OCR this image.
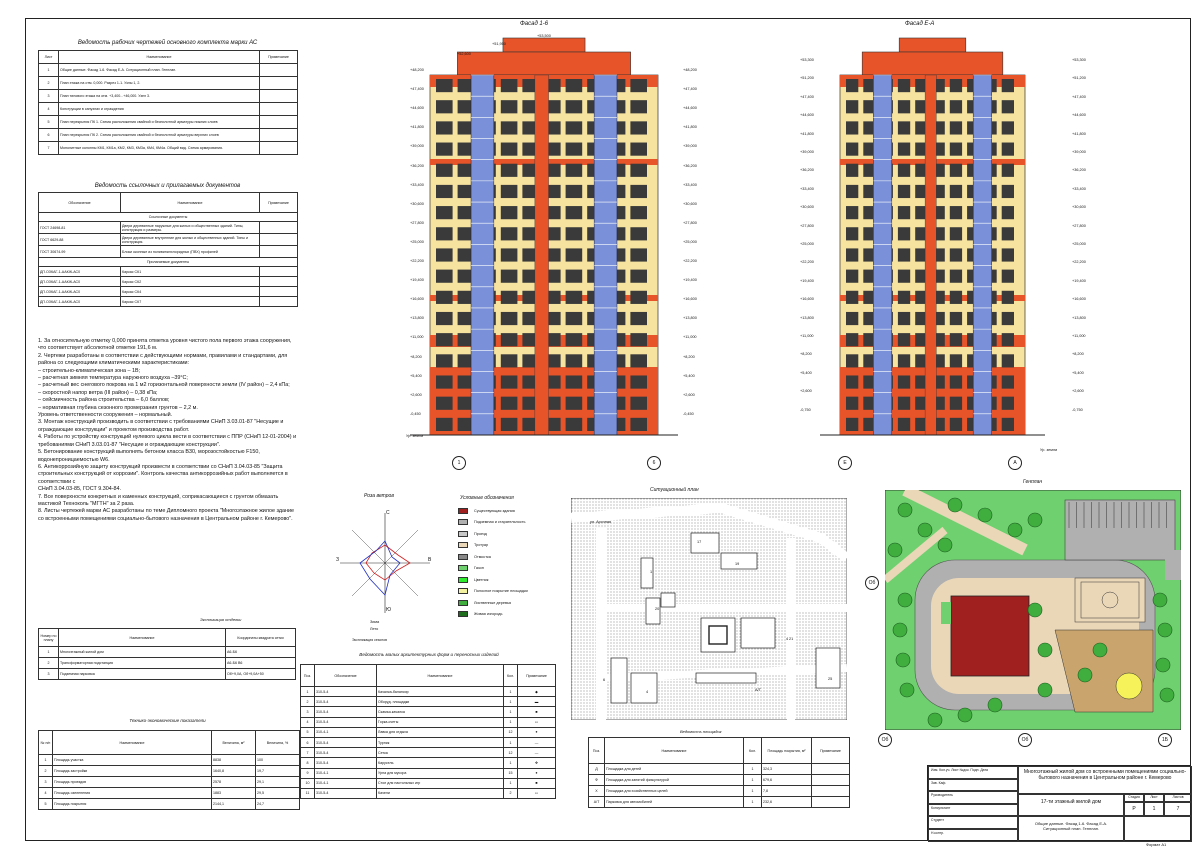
Ведомость рабочих чертежей основного комплекта марки АС
Лист	Наименование	Примечание
1	Общие данные. Фасад 1-6. Фасад Е-А. Ситуационный план. Генплан.	
2	План этажа на отм. 0,000. Разрез 1-1. Узлы 1, 2.	
3	План типового этажа на отм. +3,400...+46,000. Узел 3.	
4	Конструкции в санузлах и ограждения	
5	План перекрытия ПК 1. Схема расположения свайной и беспилотной арматуры нижних слоев	
6	План перекрытия ПК 2. Схема расположения свайной и беспилотной арматуры верхних слоев	
7	Монолитные колонны КМ1, КМ1а, КМ2, КМ3, КМ3а, КМ4, КМ4а. Общий вид. Схема армирования.	
Ведомость ссылочных и прилагаемых документов
Обозначение	Наименование	Примечание
Ссылочные документы		
ГОСТ 24698-81	Двери деревянные наружные для жилых и общественных зданий. Типы, конструкция и размеры.	
ГОСТ 6629-88	Двери деревянные внутренние для жилых и общественных зданий. Типы и конструкция.	
ГОСТ 30674-99	Блоки оконные из поливинилхлоридных (ПВХ) профилей	
Прилагаемые документы		
ДП.ОЗКАГ-1-ААКЖ-АС0	Каркас СК1	
ДП.ОЗКАГ-1-ААКЖ-АС0	Каркас СК2	
ДП.ОЗКАГ-1-ААКЖ-АС0	Каркас СК4	
ДП.ОЗКАГ-1-ААКЖ-АС0	Каркас СК7	

1. За относительную отметку 0,000 принята отметка уровня чистого пола первого этажа сооружения, что соответствует абсолютной отметке 191,6 м.

2. Чертежи разработаны в соответствии с действующими нормами, правилами и стандартами, для района со следующими климатическими характеристиками:

– строительно-климатическая зона – 1В;

– расчетная зимняя температура наружного воздуха –39°С;

– расчетный вес снегового покрова на 1 м2 горизонтальной поверхности земли (IV район) – 2,4 кПа;

– скоростной напор ветра (III район) – 0,38 кПа;

– сейсмичность района строительства – 6,0 баллов;

– нормативная глубина сезонного промерзания грунтов – 2,2 м.

Уровень ответственности сооружения – нормальный.

3. Монтаж конструкций производить в соответствии с требованиями СНиП 3.03.01-87 "Несущие и ограждающие конструкции" и проектом производства работ.

4. Работы по устройству конструкций нулевого цикла вести в соответствии с ППР (СНиП 12-01-2004) и требованиями СНиП 3.03.01-87 "Несущие и ограждающие конструкции".

5. Бетонирование конструкций выполнять бетоном класса В30, морозостойкостью F150, водонепроницаемостью W6.

6. Антикоррозийную защиту конструкций произвести в соответствии со СНиП 3.04.03-85 "Защита строительных конструкций от коррозии". Контроль качества антикоррозийных работ выполняется в соответствии с

СНиП 3.04.03-85, ГОСТ 9.304-84.

7. Все поверхности конкретных и каменных конструкций, соприкасающиеся с грунтом обмазать мастикой Техноколь "МГТН" за 2 раза.

8. Листы чертежей марки АС разработаны по теме Дипломного проекта "Многоэтажное жилое здание со встроенными помещениями социально-бытового назначения в Центральном районе г. Кемерово".

Номер по плану	Наименование	Координаты квадрата сетки
1	Многоэтажный жилой дом	А6-Б6
2	Трансформаторная подстанция	А6-Б6 В6
3	Подземная парковка	Об+9,0А, Об+9,0А+50
Экспликация отделки
Технико-экономические показатели
№ п/п	Наименование	Величина, м²	Величина, %
1	Площадь участка	8838	100
2	Площадь застройки	1640,8	19,7
3	Площадь проездов	2578	29,1
4	Площадь озеленения	1883	29,5
5	Площадь покрытия	2144,1	24,7
Фасад 1-6	Фасад Е-А
+53,500
+51,950
+52,600
Ур. земли
Ур. земли
+48,200	+48,200
+47,400	+47,400
+44,600	+44,600
+41,800	+41,800
+39,000	+39,000
+36,200	+36,200
+33,400	+33,400
+30,600	+30,600
+27,800	+27,800
+25,000	+25,000
+22,200	+22,200
+19,400	+19,400
+16,600	+16,600
+13,800	+13,800
+11,000	+11,000
+8,200	+8,200
+5,400	+5,400
+2,600	+2,600
-0,450	-0,450
+53,300	+53,300
+51,200	+51,200
+47,400	+47,400
+44,600	+44,600
+41,800	+41,800
+39,000	+39,000
+36,200	+36,200
+33,400	+33,400
+30,600	+30,600
+27,800	+27,800
+25,000	+25,000
+22,200	+22,200
+19,400	+19,400
+16,600	+16,600
+13,800	+13,800
+11,000	+11,000
+8,200	+8,200
+5,400	+5,400
+2,600	+2,600
-0,750	-0,750
1	6	Е	А
Роза ветров
С
Ю
В
З
Зима
Лето
Экспликация сезонов
Условные обозначения
Существующая здания
Подземная и старательность
Проезд
Тротуар
Отмостка
Газон
Цветник
Полосное покрытие площадки
Лиственные деревья
Живая изгородь
Ведомость малых архитектурных форм и переносных изделий
Поз.	Обозначение	Наименование	Кол.	Примечание
1	310-5-4	Качалка-балансир	1	◆
2	310-5-4	Оборуд. площадки	1	▬
3	310-5-4	Скамья-качалка	1	■
4	310-5-4	Горка-счеты	1	▭
5	310-4-1	Лавка для отдыха	12	●
6	310-5-4	Турник	1	—
7	310-5-4	Сетка	12	—
8	310-5-4	Карусель	1	✥
9	310-4-1	Урна для мусора	15	●
10	310-4-1	Стол для настольных игр	1	■
11	310-5-4	Качели	2	▭
Ситуационный план
ул. Арочная
17
19
1
20
21
4
25
А/Т
4
6
Ведомость площадок
Поз.	Наименование	Кол.	Площадь покрытия, м²	Примечание
Д	Площадка для детей	1	324,3	
Ф	Площадка для занятий физкультурой	1	679,6	
Х	Площадка для хозяйственных целей	1	7,8	
А/Т	Парковка для автомобилей	1	232,6	
Генплан
Об	Об
Об
1Б
Изм. Кол.уч. Лист №док. Подп. Дата
Зав. Каф.
Руководитель
Консультант
Студент
Н.контр.
Многоэтажный жилой дом со встроенными помещениями социально-бытового назначения в Центральном районе г. Кемерово
17-ти этажный жилой дом
Стадия	Лист	Листов
Р	1	7
Общие данные. Фасад 1-6. Фасад Е-А. Ситуационный план. Генплан.
Формат А1
